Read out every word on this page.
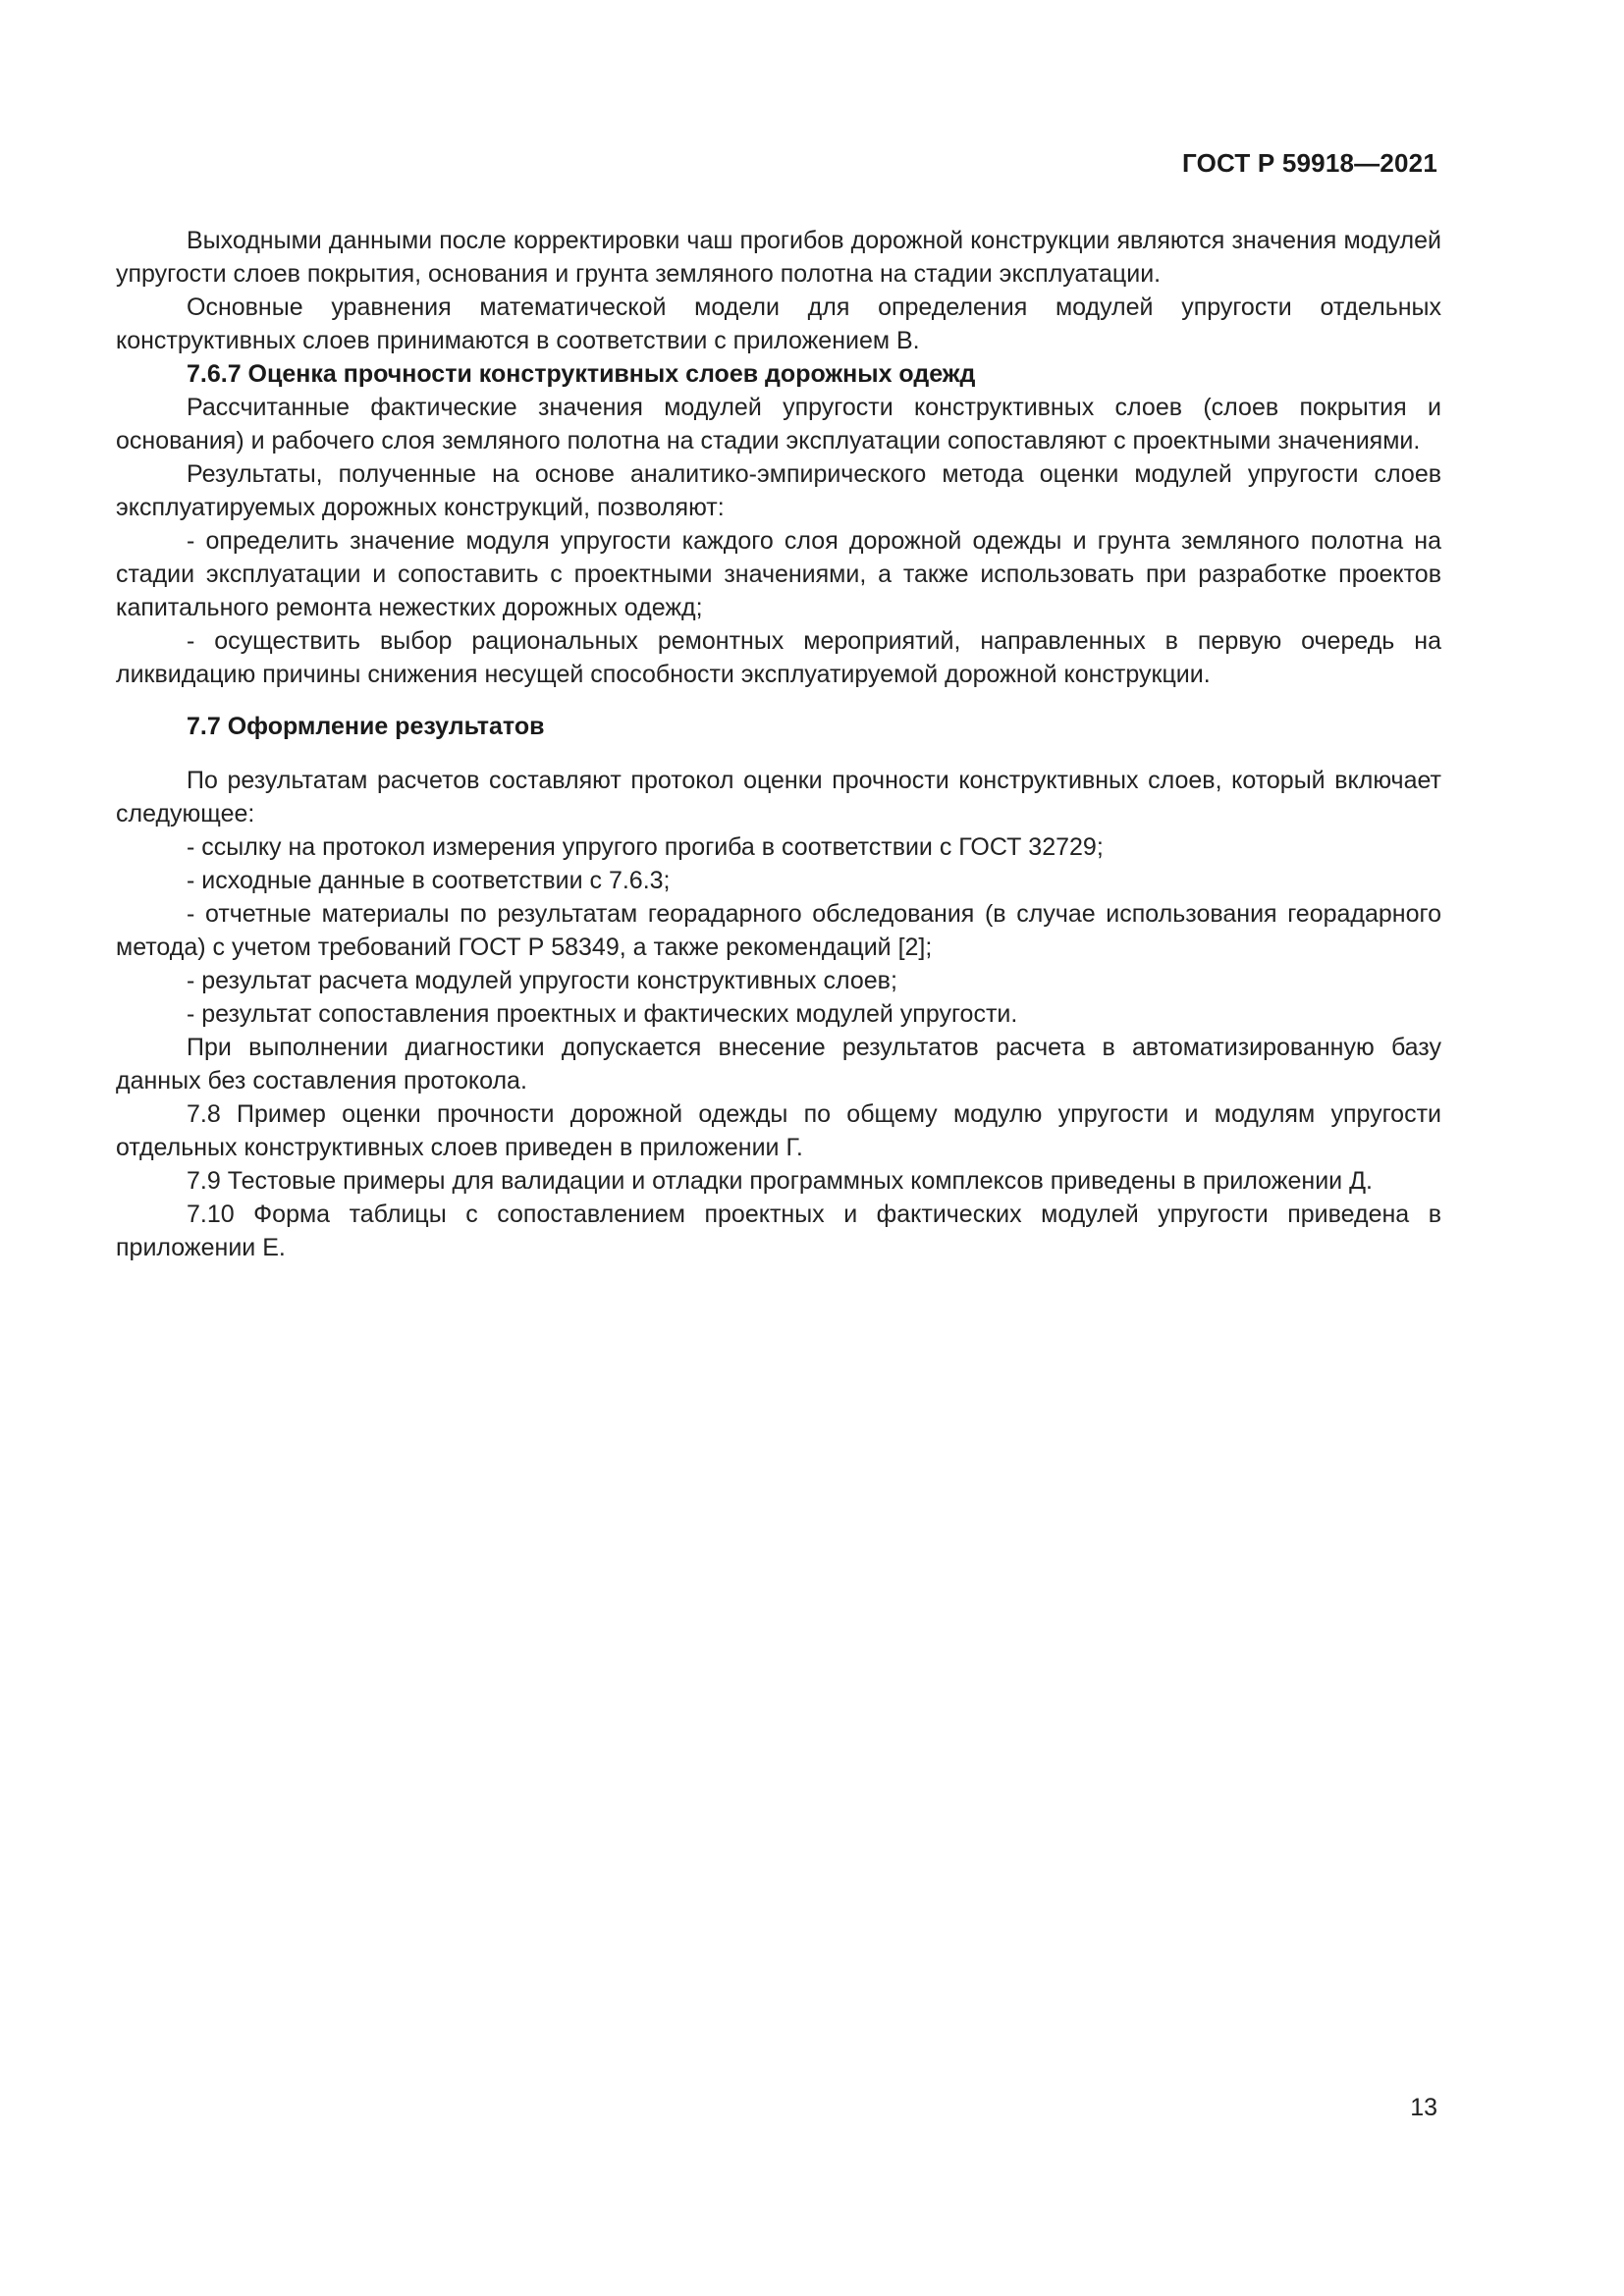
ГОСТ Р 59918—2021

Выходными данными после корректировки чаш прогибов дорожной конструкции являются значения модулей упругости слоев покрытия, основания и грунта земляного полотна на стадии эксплуатации.

Основные уравнения математической модели для определения модулей упругости отдельных конструктивных слоев принимаются в соответствии с приложением В.

7.6.7 Оценка прочности конструктивных слоев дорожных одежд

Рассчитанные фактические значения модулей упругости конструктивных слоев (слоев покрытия и основания) и рабочего слоя земляного полотна на стадии эксплуатации сопоставляют с проектными значениями.

Результаты, полученные на основе аналитико-эмпирического метода оценки модулей упругости слоев эксплуатируемых дорожных конструкций, позволяют:

- определить значение модуля упругости каждого слоя дорожной одежды и грунта земляного полотна на стадии эксплуатации и сопоставить с проектными значениями, а также использовать при разработке проектов капитального ремонта нежестких дорожных одежд;

- осуществить выбор рациональных ремонтных мероприятий, направленных в первую очередь на ликвидацию причины снижения несущей способности эксплуатируемой дорожной конструкции.

7.7 Оформление результатов

По результатам расчетов составляют протокол оценки прочности конструктивных слоев, который включает следующее:

- ссылку на протокол измерения упругого прогиба в соответствии с ГОСТ 32729;

- исходные данные в соответствии с 7.6.3;

- отчетные материалы по результатам георадарного обследования (в случае использования георадарного метода) с учетом требований ГОСТ Р 58349, а также рекомендаций [2];

- результат расчета модулей упругости конструктивных слоев;

- результат сопоставления проектных и фактических модулей упругости.

При выполнении диагностики допускается внесение результатов расчета в автоматизированную базу данных без составления протокола.

7.8 Пример оценки прочности дорожной одежды по общему модулю упругости и модулям упругости отдельных конструктивных слоев приведен в приложении Г.

7.9 Тестовые примеры для валидации и отладки программных комплексов приведены в приложении Д.

7.10 Форма таблицы с сопоставлением проектных и фактических модулей упругости приведена в приложении Е.

13
